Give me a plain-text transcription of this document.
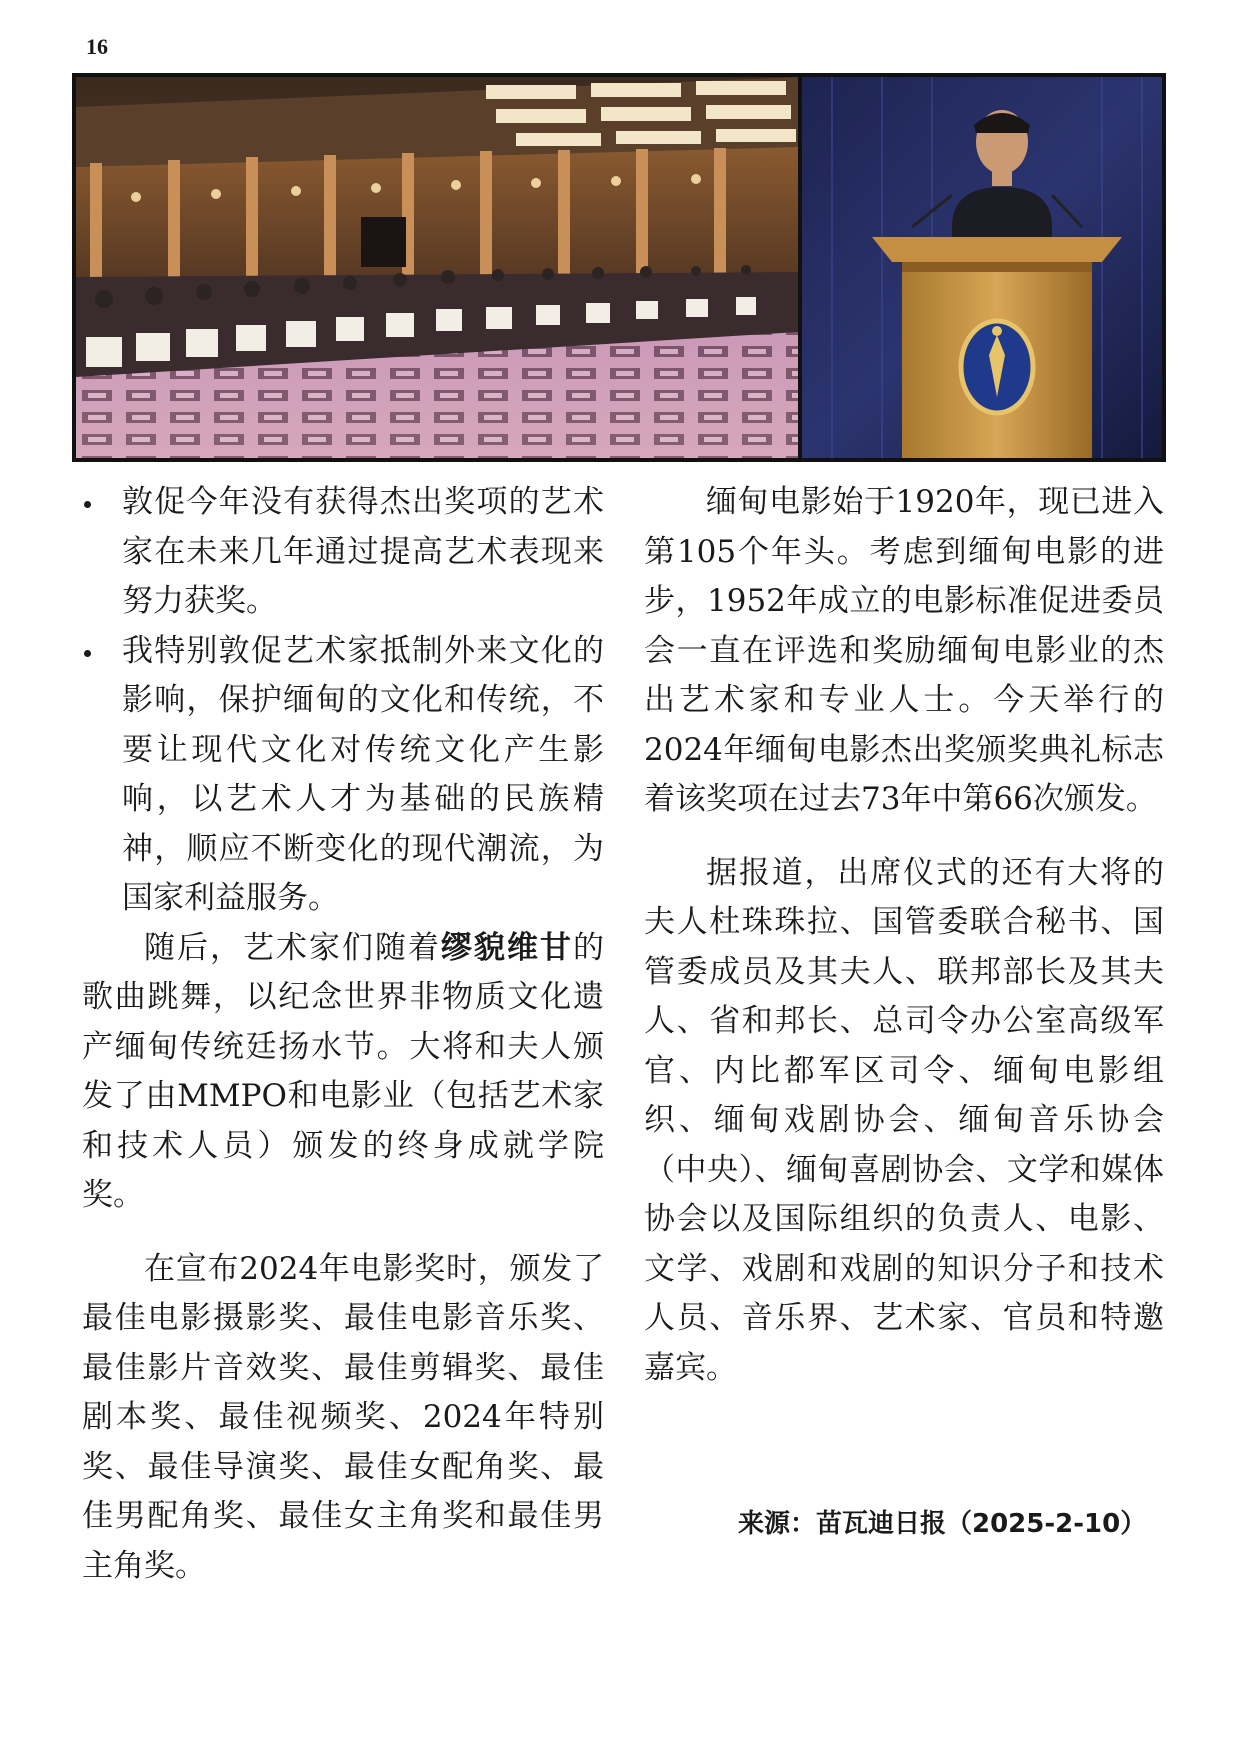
16
敦促今年没有获得杰出奖项的艺术家在未来几年通过提高艺术表现来努力获奖。
我特别敦促艺术家抵制外来文化的影响，保护缅甸的文化和传统，不要让现代文化对传统文化产生影响，以艺术人才为基础的民族精神，顺应不断变化的现代潮流，为国家利益服务。

随后，艺术家们随着缪貌维甘的歌曲跳舞，以纪念世界非物质文化遗产缅甸传统廷扬水节。大将和夫人颁发了由MMPO和电影业（包括艺术家和技术人员）颁发的终身成就学院奖。

在宣布2024年电影奖时，颁发了最佳电影摄影奖、最佳电影音乐奖、最佳影片音效奖、最佳剪辑奖、最佳剧本奖、最佳视频奖、2024年特别奖、最佳导演奖、最佳女配角奖、最佳男配角奖、最佳女主角奖和最佳男主角奖。

缅甸电影始于1920年，现已进入第105个年头。考虑到缅甸电影的进步，1952年成立的电影标准促进委员会一直在评选和奖励缅甸电影业的杰出艺术家和专业人士。今天举行的2024年缅甸电影杰出奖颁奖典礼标志着该奖项在过去73年中第66次颁发。

据报道，出席仪式的还有大将的夫人杜珠珠拉、国管委联合秘书、国管委成员及其夫人、联邦部长及其夫人、省和邦长、总司令办公室高级军官、内比都军区司令、缅甸电影组织、缅甸戏剧协会、缅甸音乐协会（中央）、缅甸喜剧协会、文学和媒体协会以及国际组织的负责人、电影、文学、戏剧和戏剧的知识分子和技术人员、音乐界、艺术家、官员和特邀嘉宾。

来源：苗瓦迪日报（2025-2-10）
